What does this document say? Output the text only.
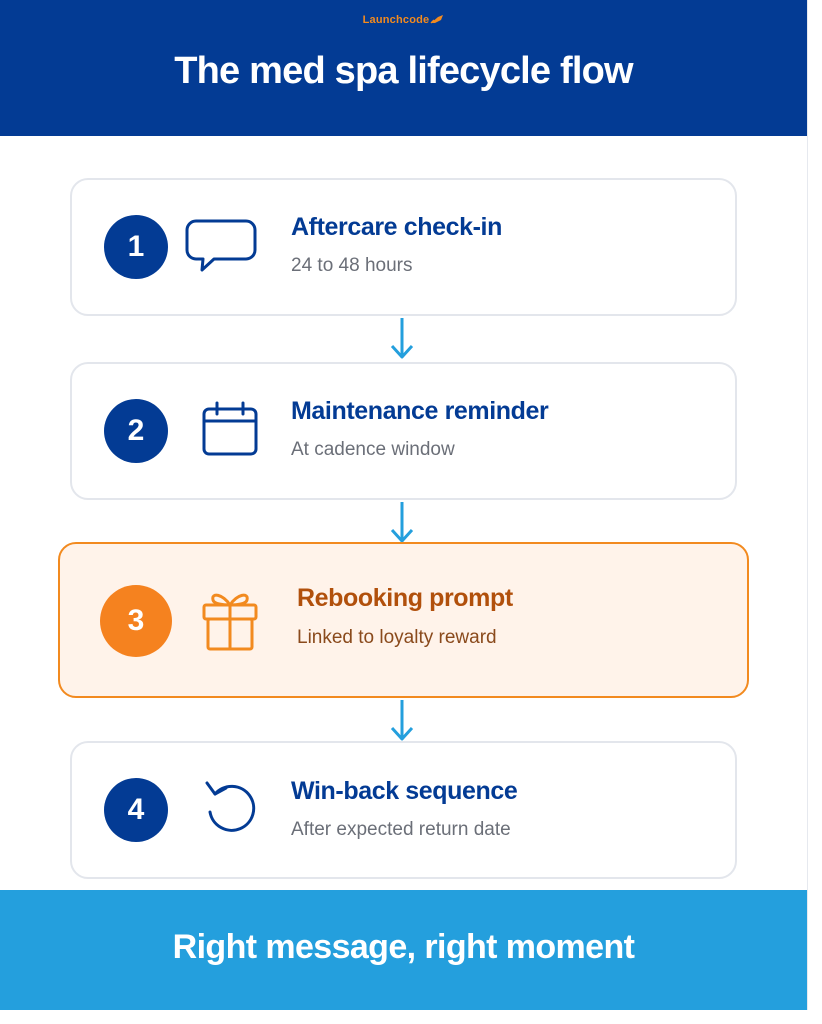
Launchcode
The med spa lifecycle flow
1
Aftercare check-in
24 to 48 hours
2
Maintenance reminder
At cadence window
3
Rebooking prompt
Linked to loyalty reward
4
Win-back sequence
After expected return date
Right message, right moment
